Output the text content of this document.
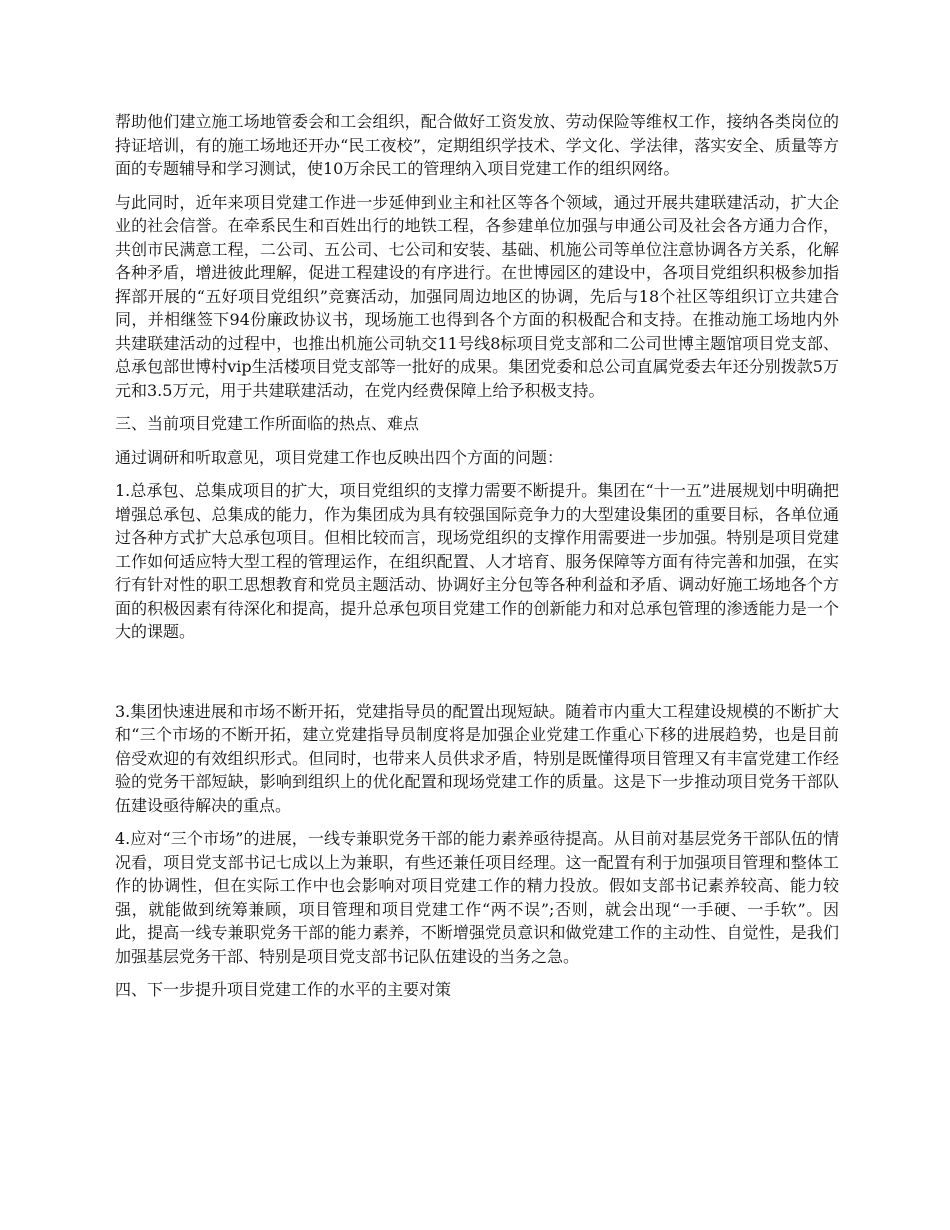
帮助他们建立施工场地管委会和工会组织，配合做好工资发放、劳动保险等维权工作，接纳各类岗位的持证培训，有的施工场地还开办“民工夜校”，定期组织学技术、学文化、学法律，落实安全、质量等方面的专题辅导和学习测试，使10万余民工的管理纳入项目党建工作的组织网络。

与此同时，近年来项目党建工作进一步延伸到业主和社区等各个领域，通过开展共建联建活动，扩大企业的社会信誉。在牵系民生和百姓出行的地铁工程，各参建单位加强与申通公司及社会各方通力合作，共创市民满意工程，二公司、五公司、七公司和安装、基础、机施公司等单位注意协调各方关系，化解各种矛盾，增进彼此理解，促进工程建设的有序进行。在世博园区的建设中，各项目党组织积极参加指挥部开展的“五好项目党组织”竞赛活动，加强同周边地区的协调，先后与18个社区等组织订立共建合同，并相继签下94份廉政协议书，现场施工也得到各个方面的积极配合和支持。在推动施工场地内外共建联建活动的过程中，也推出机施公司轨交11号线8标项目党支部和二公司世博主题馆项目党支部、总承包部世博村vip生活楼项目党支部等一批好的成果。集团党委和总公司直属党委去年还分别拨款5万元和3.5万元，用于共建联建活动，在党内经费保障上给予积极支持。

三、当前项目党建工作所面临的热点、难点

通过调研和听取意见，项目党建工作也反映出四个方面的问题：

1.总承包、总集成项目的扩大，项目党组织的支撑力需要不断提升。集团在“十一五”进展规划中明确把增强总承包、总集成的能力，作为集团成为具有较强国际竞争力的大型建设集团的重要目标，各单位通过各种方式扩大总承包项目。但相比较而言，现场党组织的支撑作用需要进一步加强。特别是项目党建工作如何适应特大型工程的管理运作，在组织配置、人才培育、服务保障等方面有待完善和加强，在实行有针对性的职工思想教育和党员主题活动、协调好主分包等各种利益和矛盾、调动好施工场地各个方面的积极因素有待深化和提高，提升总承包项目党建工作的创新能力和对总承包管理的渗透能力是一个大的课题。

3.集团快速进展和市场不断开拓，党建指导员的配置出现短缺。随着市内重大工程建设规模的不断扩大和“三个市场的不断开拓，建立党建指导员制度将是加强企业党建工作重心下移的进展趋势，也是目前倍受欢迎的有效组织形式。但同时，也带来人员供求矛盾，特别是既懂得项目管理又有丰富党建工作经验的党务干部短缺，影响到组织上的优化配置和现场党建工作的质量。这是下一步推动项目党务干部队伍建设亟待解决的重点。

4.应对“三个市场”的进展，一线专兼职党务干部的能力素养亟待提高。从目前对基层党务干部队伍的情况看，项目党支部书记七成以上为兼职，有些还兼任项目经理。这一配置有利于加强项目管理和整体工作的协调性，但在实际工作中也会影响对项目党建工作的精力投放。假如支部书记素养较高、能力较强，就能做到统筹兼顾，项目管理和项目党建工作“两不误”;否则，就会出现“一手硬、一手软”。因此，提高一线专兼职党务干部的能力素养，不断增强党员意识和做党建工作的主动性、自觉性，是我们加强基层党务干部、特别是项目党支部书记队伍建设的当务之急。

四、下一步提升项目党建工作的水平的主要对策
